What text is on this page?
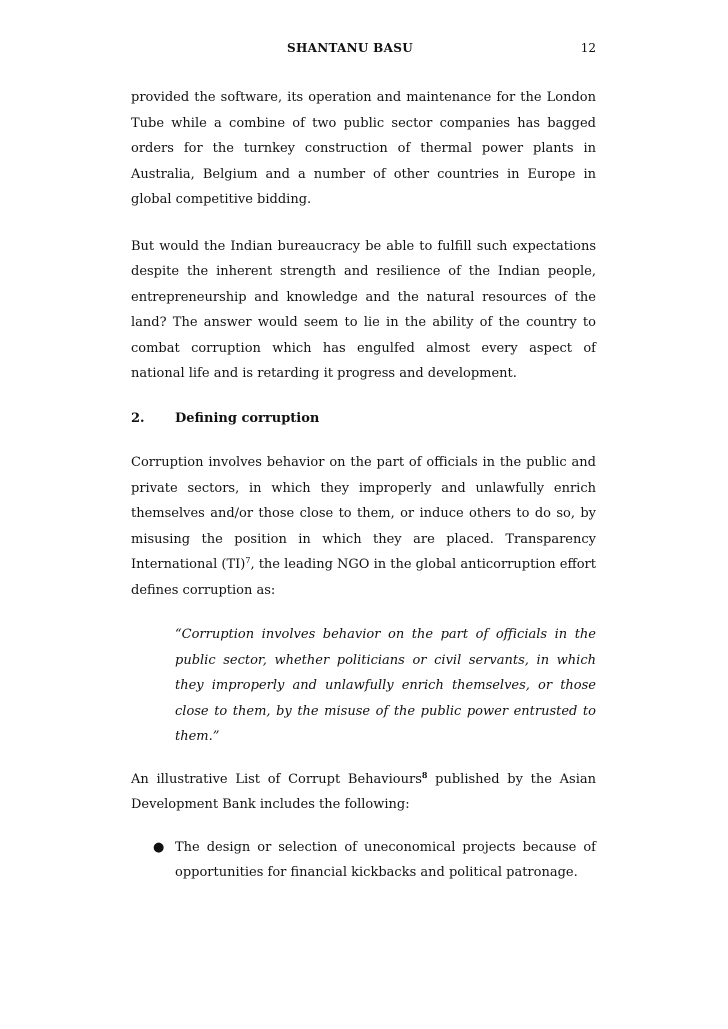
SHANTANU BASU	12

provided the software, its operation and maintenance for the London Tube while a combine of two public sector companies has bagged orders for the turnkey construction of thermal power plants in Australia, Belgium and a number of other countries in Europe in global competitive bidding.

But would the Indian bureaucracy be able to fulfill such expectations despite the inherent strength and resilience of the Indian people, entrepreneurship and knowledge and the natural resources of the land? The answer would seem to lie in the ability of the country to combat corruption which has engulfed almost every aspect of national life and is retarding it progress and development.

2.	Defining corruption

Corruption involves behavior on the part of officials in the public and private sectors, in which they improperly and unlawfully enrich themselves and/or those close to them, or induce others to do so, by misusing the position in which they are placed. Transparency International (TI)$^7$, the leading NGO in the global anticorruption effort defines corruption as:

“Corruption involves behavior on the part of officials in the public sector, whether politicians or civil servants, in which they improperly and unlawfully enrich themselves, or those close to them, by the misuse of the public power entrusted to them.”

An illustrative List of Corrupt Behaviours$^8$ published by the Asian Development Bank includes the following:

● The design or selection of uneconomical projects because of opportunities for financial kickbacks and political patronage.
